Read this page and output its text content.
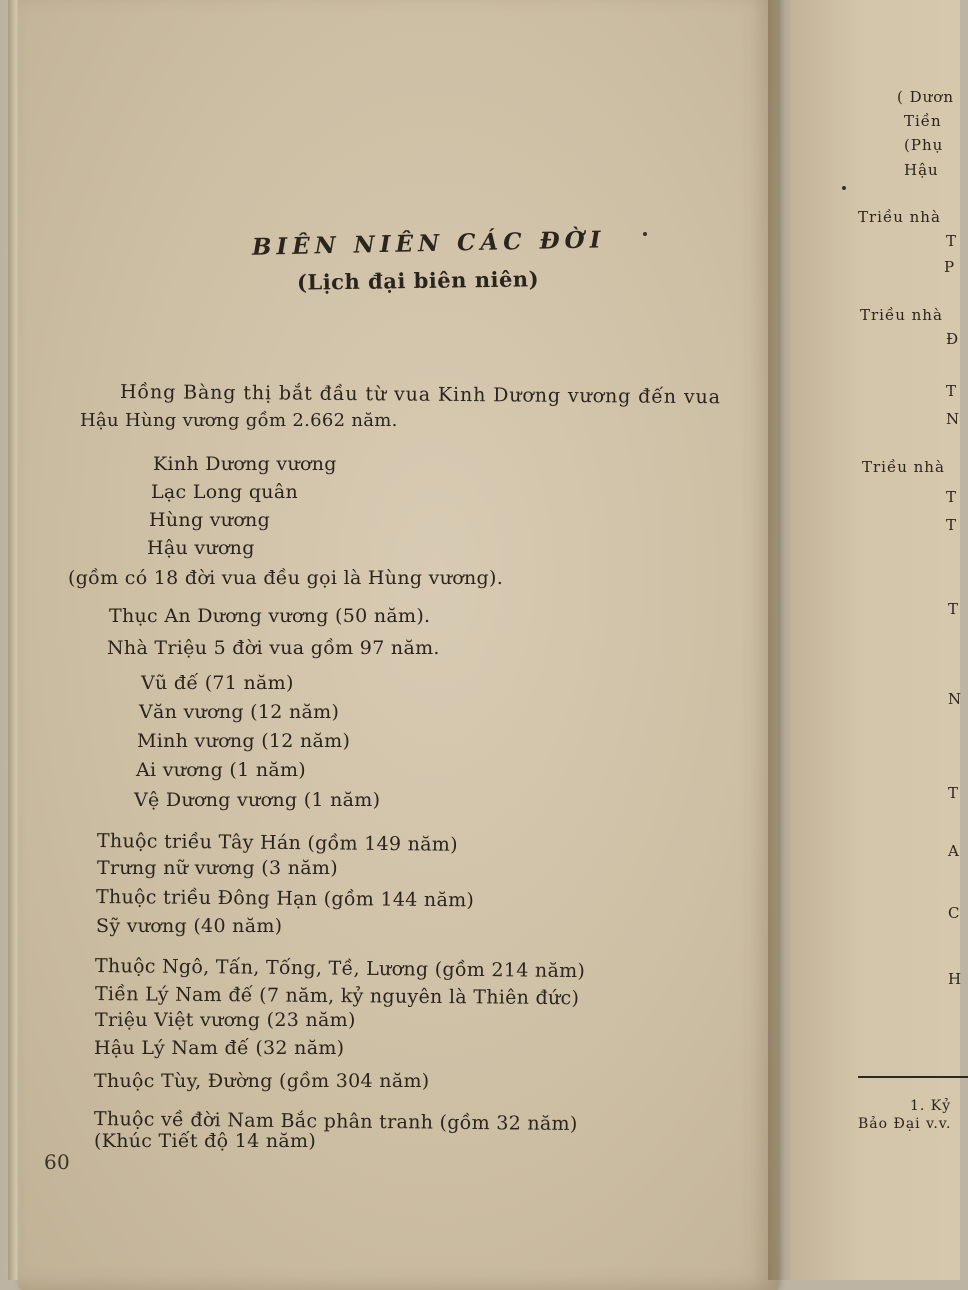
BIÊN NIÊN CÁC ĐỜI
(Lịch đại biên niên)
Hồng Bàng thị bắt đầu từ vua Kinh Dương vương đến vua
Hậu Hùng vương gồm 2.662 năm.
Kinh Dương vương
Lạc Long quân
Hùng vương
Hậu vương
(gồm có 18 đời vua đều gọi là Hùng vương).
Thục An Dương vương (50 năm).
Nhà Triệu 5 đời vua gồm 97 năm.
Vũ đế (71 năm)
Văn vương (12 năm)
Minh vương (12 năm)
Ai vương (1 năm)
Vệ Dương vương (1 năm)
Thuộc triều Tây Hán (gồm 149 năm)
Trưng nữ vương (3 năm)
Thuộc triều Đông Hạn (gồm 144 năm)
Sỹ vương (40 năm)
Thuộc Ngô, Tấn, Tống, Tề, Lương (gồm 214 năm)
Tiền Lý Nam đế (7 năm, kỷ nguyên là Thiên đức)
Triệu Việt vương (23 năm)
Hậu Lý Nam đế (32 năm)
Thuộc Tùy, Đường (gồm 304 năm)
Thuộc về đời Nam Bắc phân tranh (gồm 32 năm)
(Khúc Tiết độ 14 năm)
60
( Dươn
Tiền
(Phụ
Hậu
Triều nhà
T
P
Triều nhà
Đ
T
N
Triều nhà
T
T
T
N
T
A
C
H
1. Kỷ
Bảo Đại v.v.
